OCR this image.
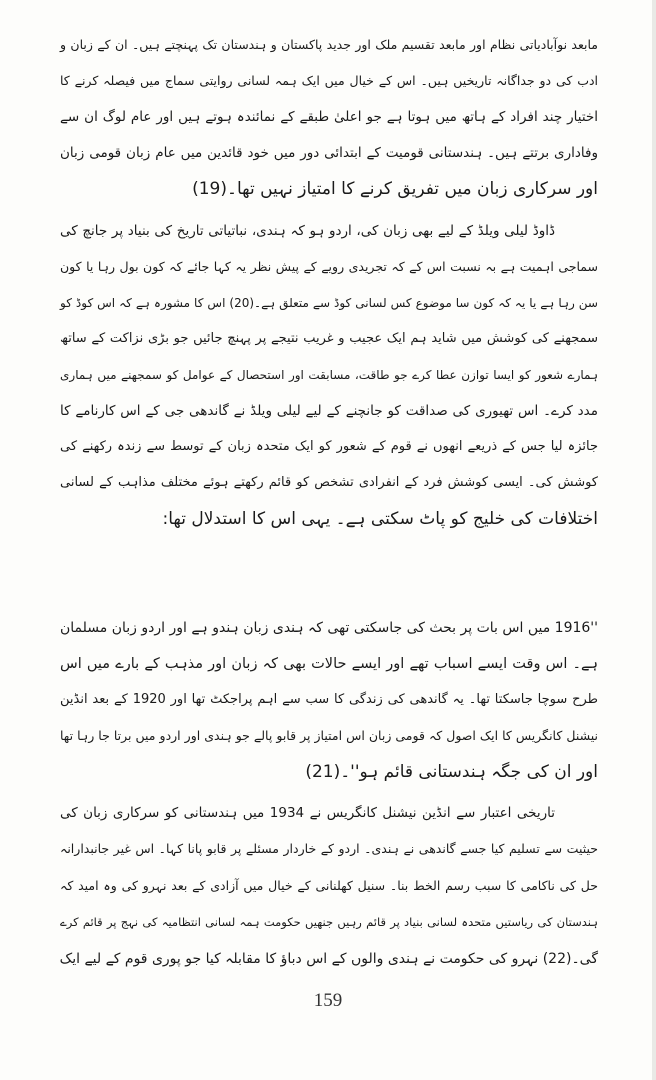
159
مابعد نوآبادیاتی نظام اور مابعد تقسیم ملک اور جدید پاکستان و ہندستان تک پہنچتے ہیں۔ ان کے زبان و
ادب کی دو جداگانہ تاریخیں ہیں۔ اس کے خیال میں ایک ہمہ لسانی روایتی سماج میں فیصلہ کرنے کا
اختیار چند افراد کے ہاتھ میں ہوتا ہے جو اعلیٰ طبقے کے نمائندہ ہوتے ہیں اور عام لوگ ان سے
وفاداری برتتے ہیں۔ ہندستانی قومیت کے ابتدائی دور میں خود قائدین میں عام زبان قومی زبان
اور سرکاری زبان میں تفریق کرنے کا امتیاز نہیں تھا۔(19)
ڈاوڈ لیلی ویلڈ کے لیے بھی زبان کی، اردو ہو کہ ہندی، نباتیاتی تاریخ کی بنیاد پر جانچ کی
سماجی اہمیت ہے بہ نسبت اس کے کہ تجریدی رویے کے پیش نظر یہ کہا جائے کہ کون بول رہا یا کون
سن رہا ہے یا یہ کہ کون سا موضوع کس لسانی کوڈ سے متعلق ہے۔(20) اس کا مشورہ ہے کہ اس کوڈ کو
سمجھنے کی کوشش میں شاید ہم ایک عجیب و غریب نتیجے پر پہنچ جائیں جو بڑی نزاکت کے ساتھ
ہمارے شعور کو ایسا توازن عطا کرے جو طاقت، مسابقت اور استحصال کے عوامل کو سمجھنے میں ہماری
مدد کرے۔ اس تھیوری کی صداقت کو جانچنے کے لیے لیلی ویلڈ نے گاندھی جی کے اس کارنامے کا
جائزہ لیا جس کے ذریعے انھوں نے قوم کے شعور کو ایک متحدہ زبان کے توسط سے زندہ رکھنے کی
کوشش کی۔ ایسی کوشش فرد کے انفرادی تشخص کو قائم رکھتے ہوئے مختلف مذاہب کے لسانی
اختلافات کی خلیج کو پاٹ سکتی ہے۔ یہی اس کا استدلال تھا:
''1916 میں اس بات پر بحث کی جاسکتی تھی کہ ہندی زبان ہندو ہے اور اردو زبان مسلمان
ہے۔ اس وقت ایسے اسباب تھے اور ایسے حالات بھی کہ زبان اور مذہب کے بارے میں اس
طرح سوچا جاسکتا تھا۔ یہ گاندھی کی زندگی کا سب سے اہم پراجکٹ تھا اور 1920 کے بعد انڈین
نیشنل کانگریس کا ایک اصول کہ قومی زبان اس امتیاز پر قابو پالے جو ہندی اور اردو میں برتا جا رہا تھا
اور ان کی جگہ ہندستانی قائم ہو''۔(21)
تاریخی اعتبار سے انڈین نیشنل کانگریس نے 1934 میں ہندستانی کو سرکاری زبان کی
حیثیت سے تسلیم کیا جسے گاندھی نے ہندی۔ اردو کے خاردار مسئلے پر قابو پانا کہا۔ اس غیر جانبدارانہ
حل کی ناکامی کا سبب رسم الخط بنا۔ سنیل کھلنانی کے خیال میں آزادی کے بعد نہرو کی وہ امید کہ
ہندستان کی ریاستیں متحدہ لسانی بنیاد پر قائم رہیں جنھیں حکومت ہمہ لسانی انتظامیہ کی نہج پر قائم کرے
گی۔(22) نہرو کی حکومت نے ہندی والوں کے اس دباؤ کا مقابلہ کیا جو پوری قوم کے لیے ایک
